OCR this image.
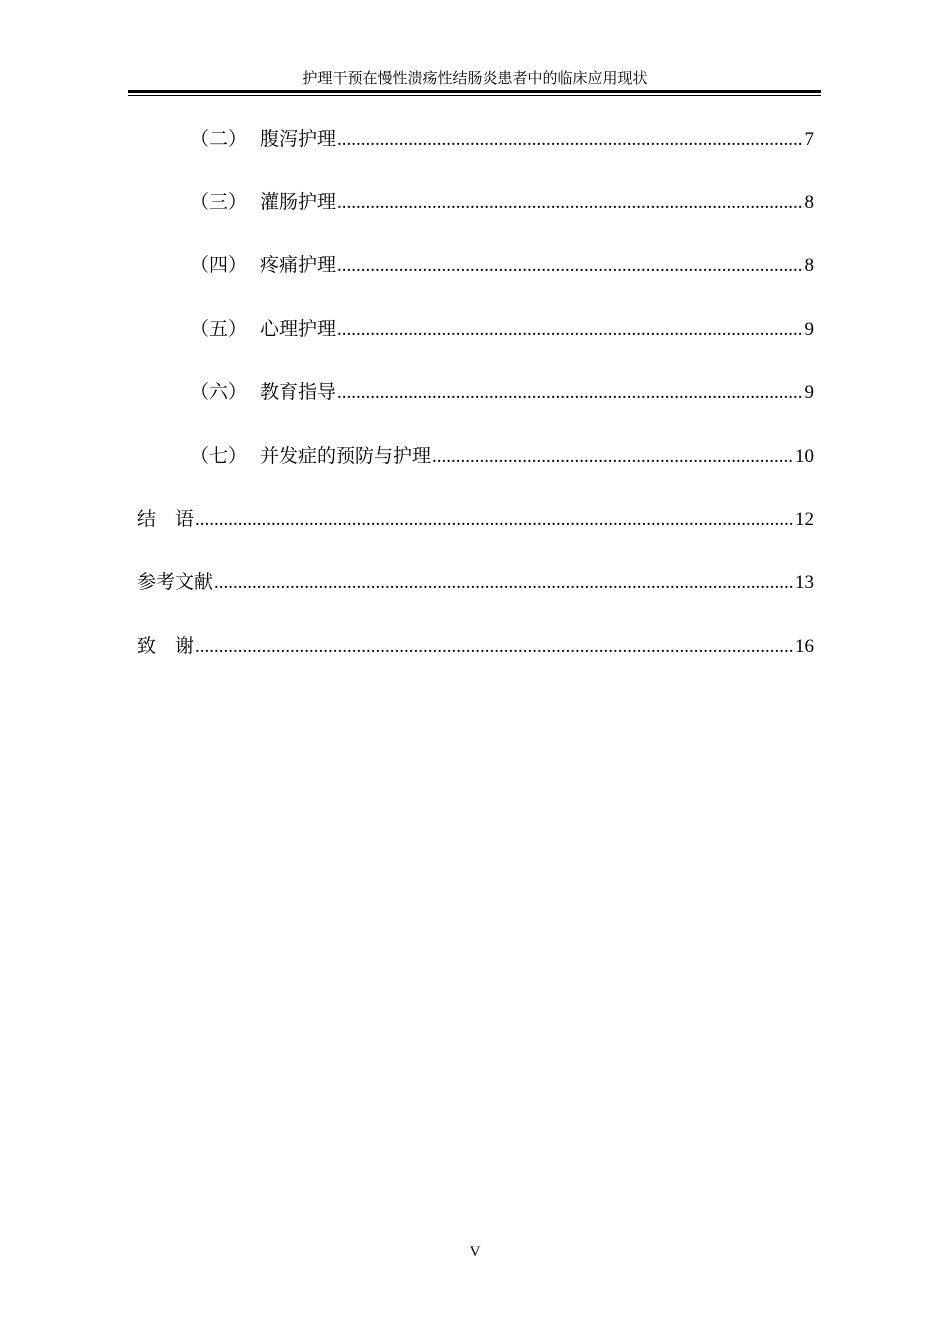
护理干预在慢性溃疡性结肠炎患者中的临床应用现状
（二） 腹泻护理 .....	7
（三） 灌肠护理 .....	8
（四） 疼痛护理 .....	8
（五） 心理护理 .....	9
（六） 教育指导 .....	9
（七） 并发症的预防与护理 .....	10
结　语 .....	12
参考文献 .....	13
致　谢 .....	16
V
